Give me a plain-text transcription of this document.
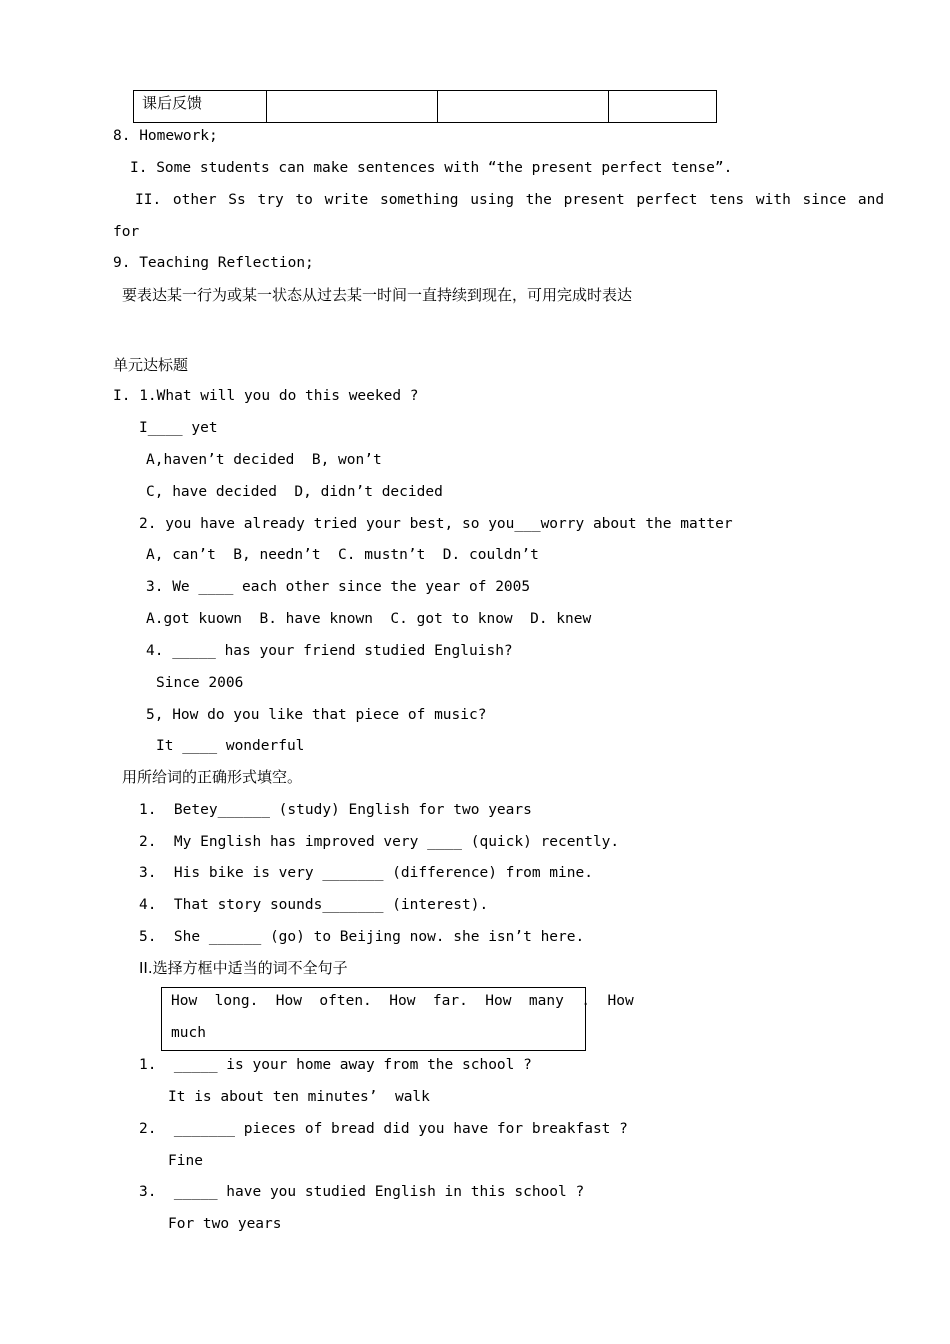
课后反馈			
8. Homework;
I. Some students can make sentences with “the present perfect tense”.
II. other Ss try to write something using the present perfect tens with since and
for
9. Teaching Reflection;
要表达某一行为或某一状态从过去某一时间一直持续到现在，可用完成时表达
单元达标题
I. 1.What will you do this weeked ?
I____ yet
A,haven’t decided  B, won’t
C, have decided  D, didn’t decided
2. you have already tried your best, so you___worry about the matter
A, can’t  B, needn’t  C. mustn’t  D. couldn’t
3. We ____ each other since the year of 2005
A.got kuown  B. have known  C. got to know  D. knew
4. _____ has your friend studied Engluish?
Since 2006
5, How do you like that piece of music?
It ____ wonderful
用所给词的正确形式填空。
1.  Betey______ (study) English for two years
2.  My English has improved very ____ (quick) recently.
3.  His bike is very _______ (difference) from mine.
4.  That story sounds_______ (interest).
5.  She ______ (go) to Beijing now. she isn’t here.
II.选择方框中适当的词不全句子
How  long.  How  often.  How  far.  How  many  .  How
much
1.  _____ is your home away from the school ?
It is about ten minutes’  walk
2.  _______ pieces of bread did you have for breakfast ?
Fine
3.  _____ have you studied English in this school ?
For two years
